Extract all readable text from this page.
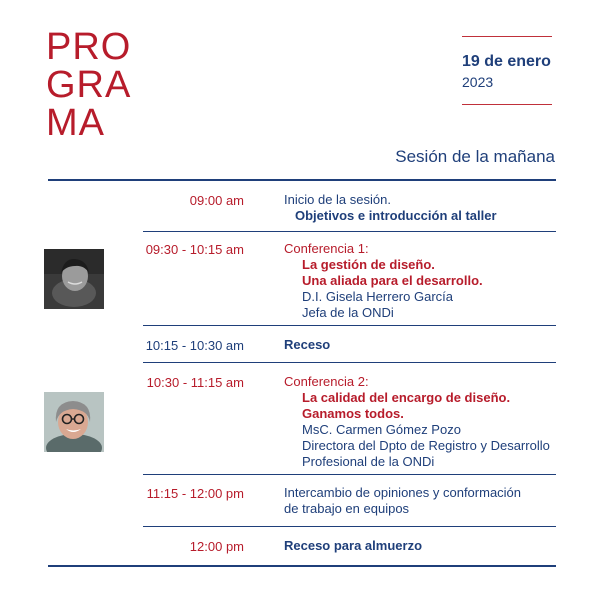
PRO
GRA
MA
19 de enero
2023
Sesión de la mañana
09:00 am	Inicio de la sesión.
Objetivos e introducción al taller
09:30 - 10:15 am	Conferencia 1:
La gestión de diseño.
Una aliada para el desarrollo.
D.I. Gisela Herrero García
Jefa de la ONDi
10:15 - 10:30 am	Receso
10:30 - 11:15 am	Conferencia 2:
La calidad del encargo de diseño.
Ganamos todos.
MsC. Carmen Gómez Pozo
Directora del Dpto de Registro y Desarrollo
Profesional de la ONDi
11:15 - 12:00 pm	Intercambio de opiniones y conformación
de trabajo en equipos
12:00 pm	Receso para almuerzo
